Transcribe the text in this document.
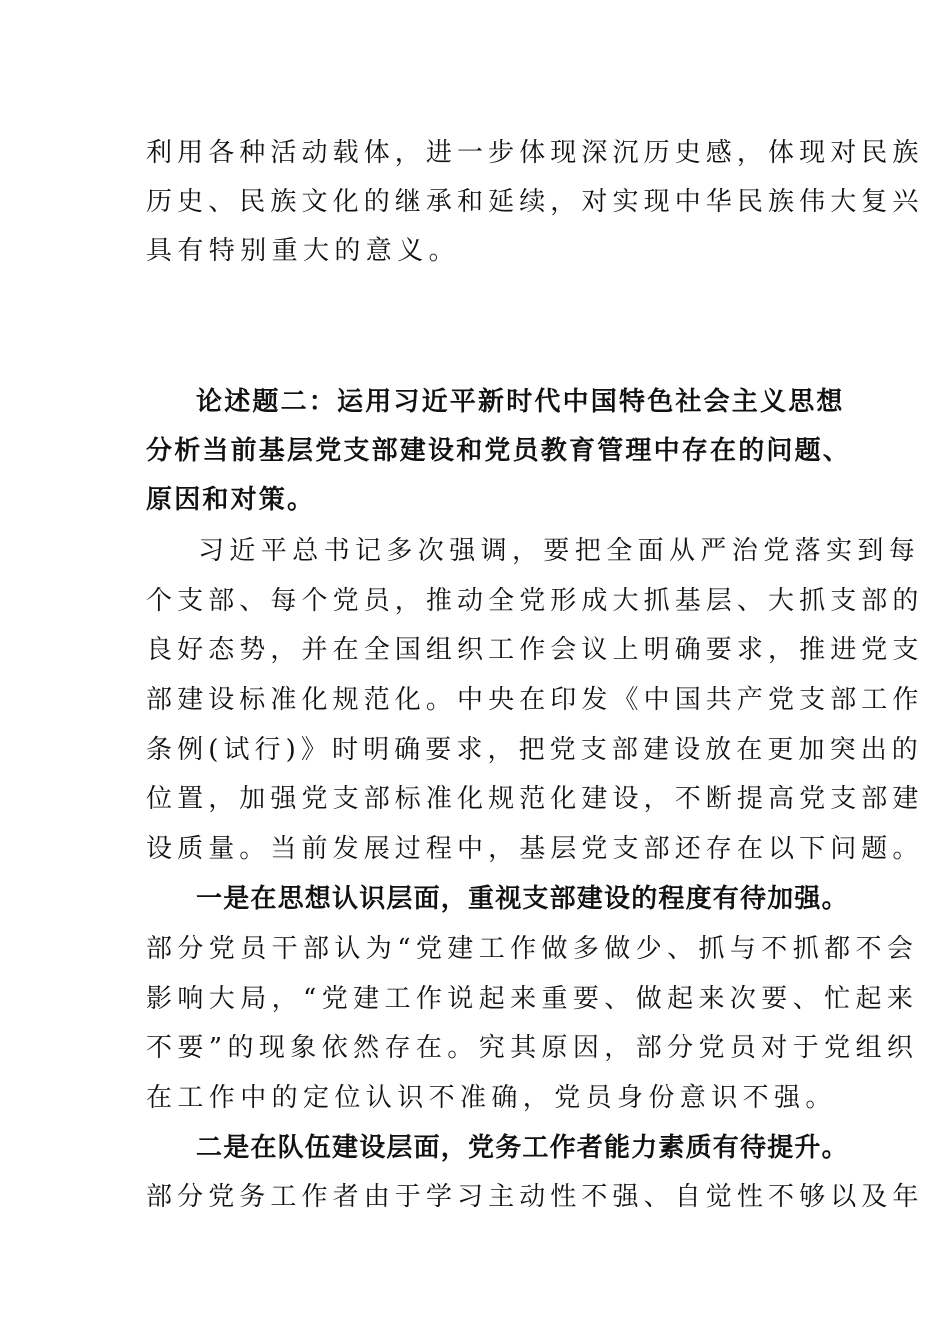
利用各种活动载体，进一步体现深沉历史感，体现对民族
历史、民族文化的继承和延续，对实现中华民族伟大复兴
具有特别重大的意义。
论述题二：运用习近平新时代中国特色社会主义思想
分析当前基层党支部建设和党员教育管理中存在的问题、
原因和对策。
习近平总书记多次强调，要把全面从严治党落实到每
个支部、每个党员，推动全党形成大抓基层、大抓支部的
良好态势，并在全国组织工作会议上明确要求，推进党支
部建设标准化规范化。中央在印发《中国共产党支部工作
条例(试行)》时明确要求，把党支部建设放在更加突出的
位置，加强党支部标准化规范化建设，不断提高党支部建
设质量。当前发展过程中，基层党支部还存在以下问题。
一是在思想认识层面，重视支部建设的程度有待加强。
部分党员干部认为“党建工作做多做少、抓与不抓都不会
影响大局，“党建工作说起来重要、做起来次要、忙起来
不要”的现象依然存在。究其原因，部分党员对于党组织
在工作中的定位认识不准确，党员身份意识不强。
二是在队伍建设层面，党务工作者能力素质有待提升。
部分党务工作者由于学习主动性不强、自觉性不够以及年
